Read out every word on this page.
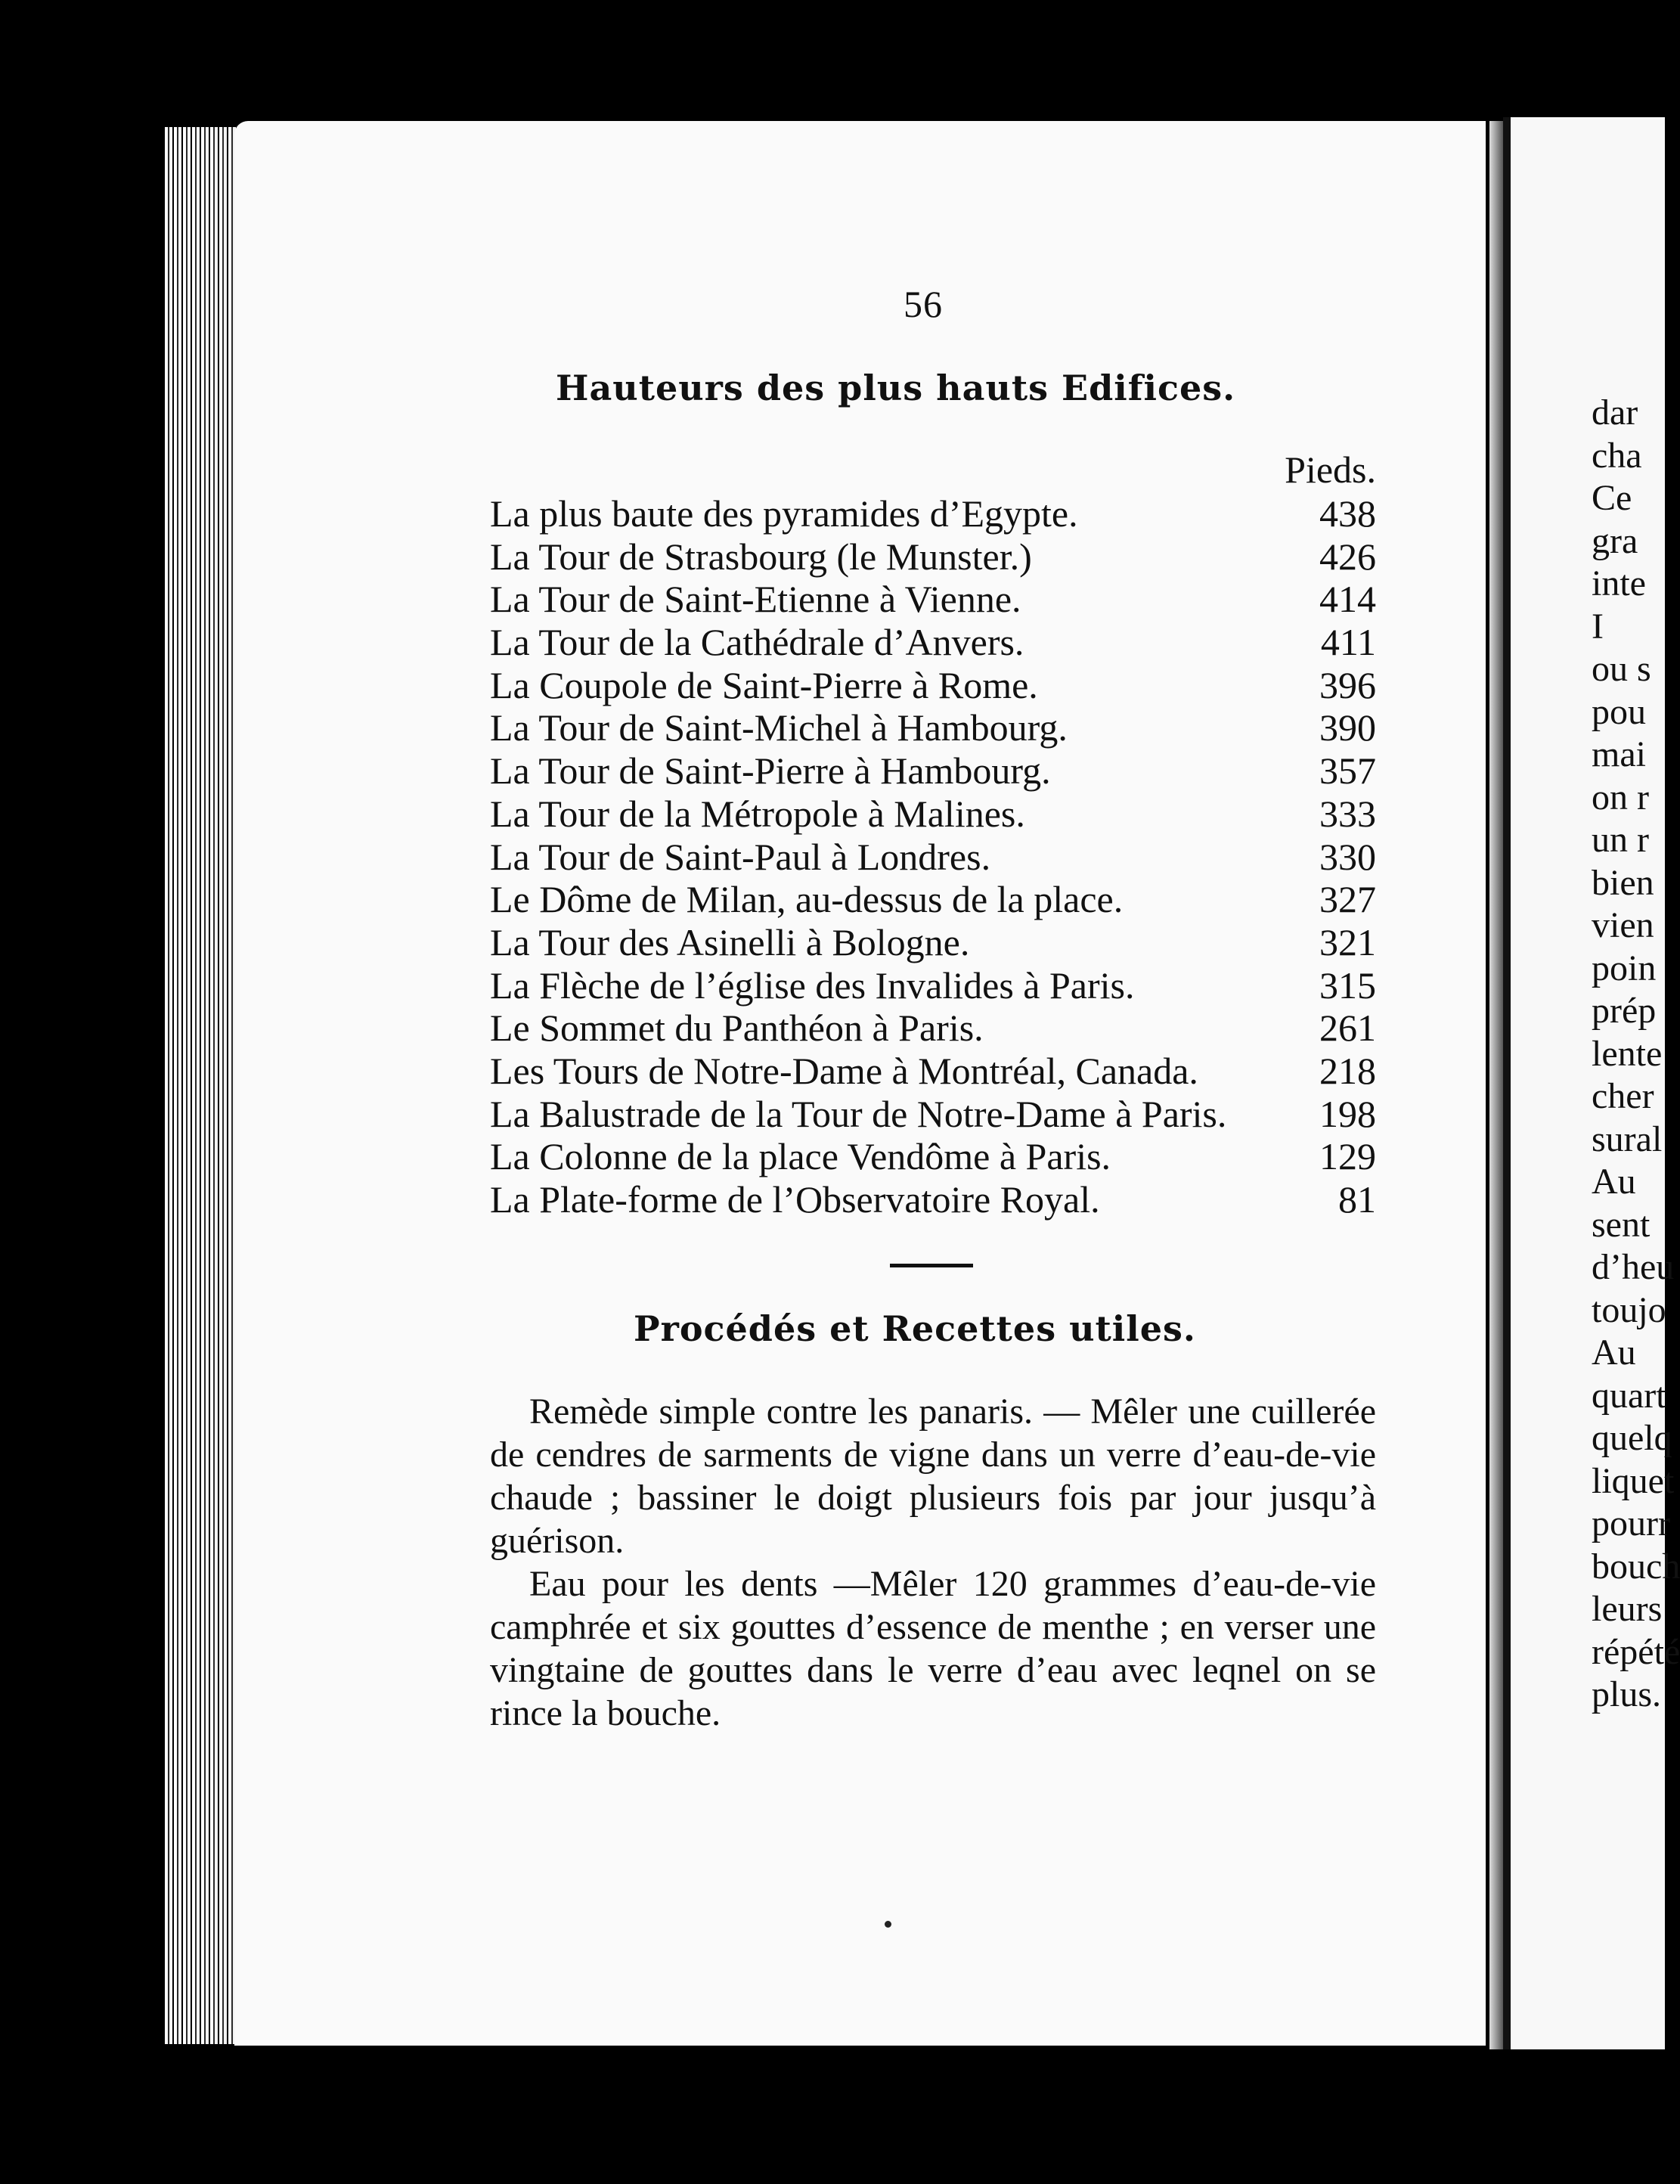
56
Hauteurs des plus hauts Edifices.
Pieds.
La plus baute des pyramides d’Egypte.	438
La Tour de Strasbourg (le Munster.)	426
La Tour de Saint-Etienne à Vienne.	414
La Tour de la Cathédrale d’Anvers.	411
La Coupole de Saint-Pierre à Rome.	396
La Tour de Saint-Michel à Hambourg.	390
La Tour de Saint-Pierre à Hambourg.	357
La Tour de la Métropole à Malines.	333
La Tour de Saint-Paul à Londres.	330
Le Dôme de Milan, au-dessus de la place.	327
La Tour des Asinelli à Bologne.	321
La Flèche de l’église des Invalides à Paris.	315
Le Sommet du Panthéon à Paris.	261
Les Tours de Notre-Dame à Montréal, Canada.	218
La Balustrade de la Tour de Notre-Dame à Paris.	198
La Colonne de la place Vendôme à Paris.	129
La Plate-forme de l’Observatoire Royal.	81
Procédés et Recettes utiles.

Remède simple contre les panaris. — Mêler une cuillerée de cendres de sarments de vigne dans un verre d’eau-de-vie chaude ; bassiner le doigt plusieurs fois par jour jusqu’à guérison.

Eau pour les dents —Mêler 120 grammes d’eau-de-vie camphrée et six gouttes d’essence de menthe ; en verser une vingtaine de gouttes dans le verre d’eau avec leqnel on se rince la bouche.

dar
cha
Ce
gra
inte
I
ou s
pou
mai
on r
un r
bien
vien
poin
prép
lente
cher
sural
Au
sent
d’heu
toujo
Au
quart
quelq
liquet
pourr
bouch
leurs
répété
plus.
